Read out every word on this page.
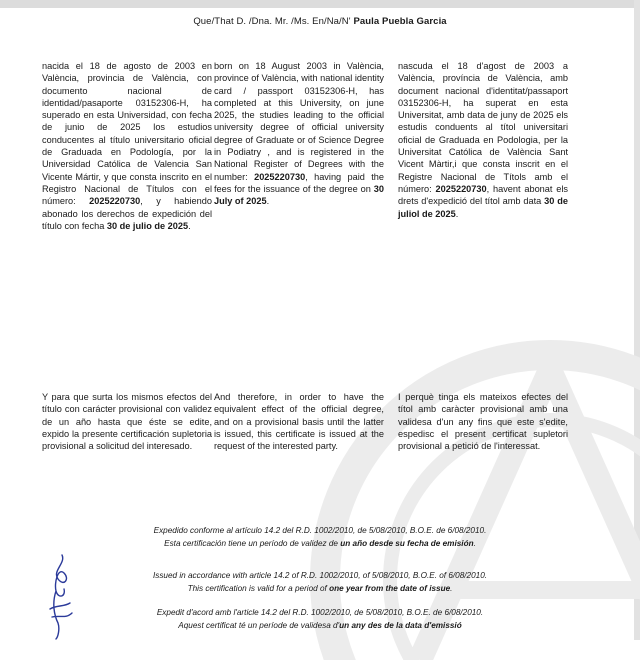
Que/That D. /Dna. Mr. /Ms. En/Na/N' Paula Puebla Garcia

nacida el 18 de agosto de 2003 en València, provincia de València, con documento nacional de identidad/pasaporte 03152306-H, ha superado en esta Universidad, con fecha de junio de 2025 los estudios conducentes al título universitario oficial de Graduada en Podología, por la Universidad Católica de Valencia San Vicente Mártir, y que consta inscrito en el Registro Nacional de Títulos con el número: 2025220730, y habiendo abonado los derechos de expedición del título con fecha 30 de julio de 2025.

born on 18 August 2003 in València, province of València, with national identity card / passport 03152306-H, has completed at this University, on june 2025, the studies leading to the official university degree of official university degree of Graduate or of Science Degree in Podiatry , and is registered in the National Register of Degrees with the number: 2025220730, having paid the fees for the issuance of the degree on 30 July of 2025.

nascuda el 18 d'agost de 2003 a València, província de València, amb document nacional d'identitat/passaport 03152306-H, ha superat en esta Universitat, amb data de juny de 2025 els estudis conduents al títol universitari oficial de Graduada en Podologia, per la Universitat Católica de València Sant Vicent Màrtir,i que consta inscrit en el Registre Nacional de Títols amb el número: 2025220730, havent abonat els drets d'expedició del títol amb data 30 de juliol de 2025.

Y para que surta los mismos efectos del título con carácter provisional con validez de un año hasta que éste se edite, expido la presente certificación supletoria provisional a solicitud del interesado.

And therefore, in order to have the equivalent effect of the official degree, and on a provisional basis until the latter is issued, this certificate is issued at the request of the interested party.

I perquè tinga els mateixos efectes del títol amb caràcter provisional amb una validesa d'un any fins que este s'edite, espedisc el present certificat supletori provisional a petició de l'interessat.

Expedido conforme al artículo 14.2 del R.D. 1002/2010, de 5/08/2010, B.O.E. de 6/08/2010.
Esta certificación tiene un período de validez de un año desde su fecha de emisión.
Issued in accordance with article 14.2 of R.D. 1002/2010, of 5/08/2010, B.O.E. of 6/08/2010.
This certification is valid for a period of one year from the date of issue.
Expedit d'acord amb l'article 14.2 del R.D. 1002/2010, de 5/08/2010, B.O.E. de 6/08/2010.
Aquest certificat té un període de validesa d'un any des de la data d'emissió
